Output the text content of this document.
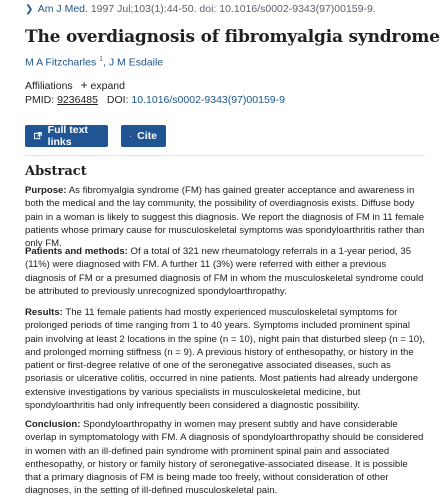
❯ Am J Med. 1997 Jul;103(1):44-50. doi: 10.1016/s0002-9343(97)00159-9.
The overdiagnosis of fibromyalgia syndrome
M A Fitzcharles $^1$, J M Esdaile
Affiliations + expand
PMID: 9236485 DOI: 10.1016/s0002-9343(97)00159-9
Full text links	Cite
Abstract

Purpose: As fibromyalgia syndrome (FM) has gained greater acceptance and awareness in both the medical and the lay community, the possibility of overdiagnosis exists. Diffuse body pain in a woman is likely to suggest this diagnosis. We report the diagnosis of FM in 11 female patients whose primary cause for musculoskeletal symptoms was spondyloarthritis rather than only FM.

Patients and methods: Of a total of 321 new rheumatology referrals in a 1-year period, 35 (11%) were diagnosed with FM. A further 11 (3%) were referred with either a previous diagnosis of FM or a presumed diagnosis of FM in whom the musculoskeletal syndrome could be attributed to previously unrecognized spondyloarthropathy.

Results: The 11 female patients had mostly experienced musculoskeletal symptoms for prolonged periods of time ranging from 1 to 40 years. Symptoms included prominent spinal pain involving at least 2 locations in the spine (n = 10), night pain that disturbed sleep (n = 10), and prolonged morning stiffness (n = 9). A previous history of enthesopathy, or history in the patient or first-degree relative of one of the seronegative associated diseases, such as psoriasis or ulcerative colitis, occurred in nine patients. Most patients had already undergone extensive investigations by various specialists in musculoskeletal medicine, but spondyloarthritis had only infrequently been considered a diagnostic possibility.

Conclusion: Spondyloarthropathy in women may present subtly and have considerable overlap in symptomatology with FM. A diagnosis of spondyloarthropathy should be considered in women with an ill-defined pain syndrome with prominent spinal pain and associated enthesopathy, or history or family history of seronegative-associated disease. It is possible that a primary diagnosis of FM is being made too freely, without consideration of other diagnoses, in the setting of ill-defined musculoskeletal pain.
